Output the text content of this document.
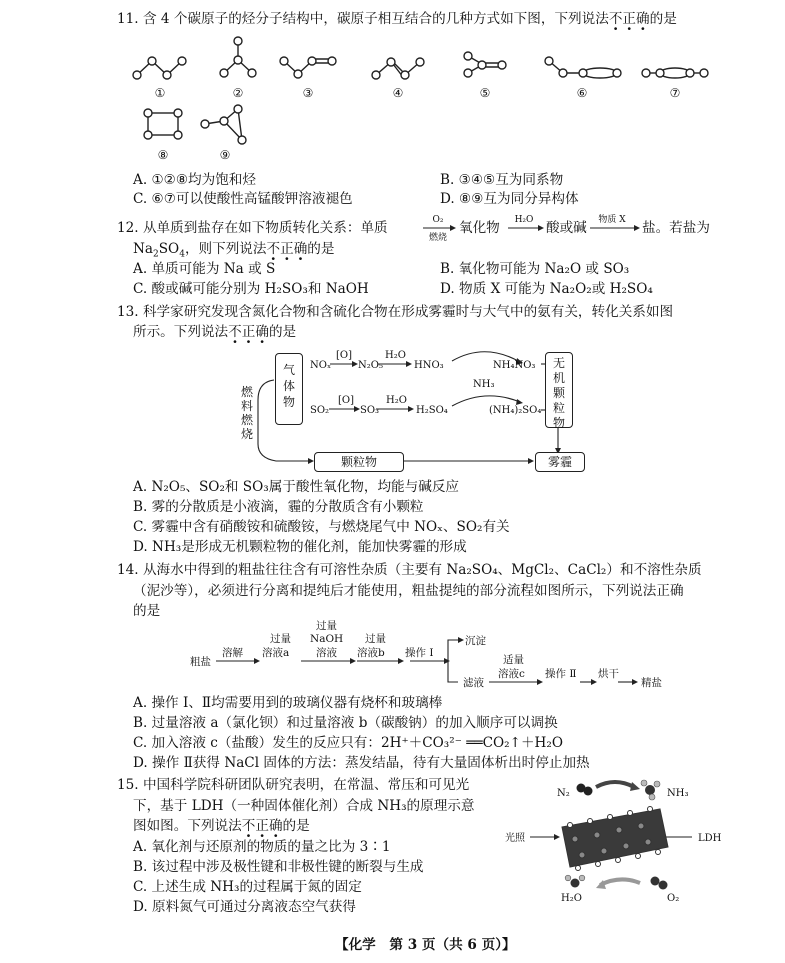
11. 含 4 个碳原子的烃分子结构中，碳原子相互结合的几种方式如下图，下列说法不正确的是
①	②	③	④	⑤	⑥	⑦
⑧	⑨
A. ①②⑧均为饱和烃	B. ③④⑤互为同系物
C. ⑥⑦可以使酸性高锰酸钾溶液褪色	D. ⑧⑨互为同分异构体
12. 从单质到盐存在如下物质转化关系：单质	O₂
燃烧
H₂O	物质 X
氧化物	酸或碱	盐。若盐为
$Na_2SO_4$，则下列说法不正确的是
A. 单质可能为 Na 或 S	B. 氧化物可能为 Na₂O 或 SO₃
C. 酸或碱可能分别为 H₂SO₃和 NaOH	D. 物质 X 可能为 Na₂O₂或 H₂SO₄
13. 科学家研究发现含氮化合物和含硫化合物在形成雾霾时与大气中的氨有关，转化关系如图
所示。下列说法不正确的是
NOₓ
[O]
N₂O₅
H₂O
HNO₃	NH₄NO₃
NH₃
SO₂
[O]
SO₃
H₂O
H₂SO₄	(NH₄)₂SO₄
燃料燃烧
气体物
无机颗粒物
颗粒物	雾霾
A. N₂O₅、SO₂和 SO₃属于酸性氧化物，均能与碱反应
B. 雾的分散质是小液滴，霾的分散质含有小颗粒
C. 雾霾中含有硝酸铵和硫酸铵，与燃烧尾气中 NOₓ、SO₂有关
D. NH₃是形成无机颗粒物的催化剂，能加快雾霾的形成
14. 从海水中得到的粗盐往往含有可溶性杂质（主要有 Na₂SO₄、MgCl₂、CaCl₂）和不溶性杂质
（泥沙等），必须进行分离和提纯后才能使用，粗盐提纯的部分流程如图所示，下列说法正确
的是
粗盐
溶解
过量
溶液a
过量
NaOH
溶液
过量
溶液b 操作 Ⅰ
沉淀
滤液
适量
溶液c 操作 Ⅱ 烘干
精盐
A. 操作 Ⅰ、Ⅱ均需要用到的玻璃仪器有烧杯和玻璃棒
B. 过量溶液 a（氯化钡）和过量溶液 b（碳酸钠）的加入顺序可以调换
C. 加入溶液 c（盐酸）发生的反应只有：2H⁺＋CO₃²⁻ ══CO₂↑＋H₂O
D. 操作 Ⅱ获得 NaCl 固体的方法：蒸发结晶，待有大量固体析出时停止加热
15. 中国科学院科研团队研究表明，在常温、常压和可见光
下，基于 LDH（一种固体催化剂）合成 NH₃的原理示意
图如图。下列说法不正确的是
A. 氧化剂与还原剂的物质的量之比为 3∶1
B. 该过程中涉及极性键和非极性键的断裂与生成
C. 上述生成 NH₃的过程属于氮的固定
D. 原料氮气可通过分离液态空气获得
N₂	NH₃
光照	LDH
H₂O	O₂
【化学　 第 3 页（共 6 页）】
